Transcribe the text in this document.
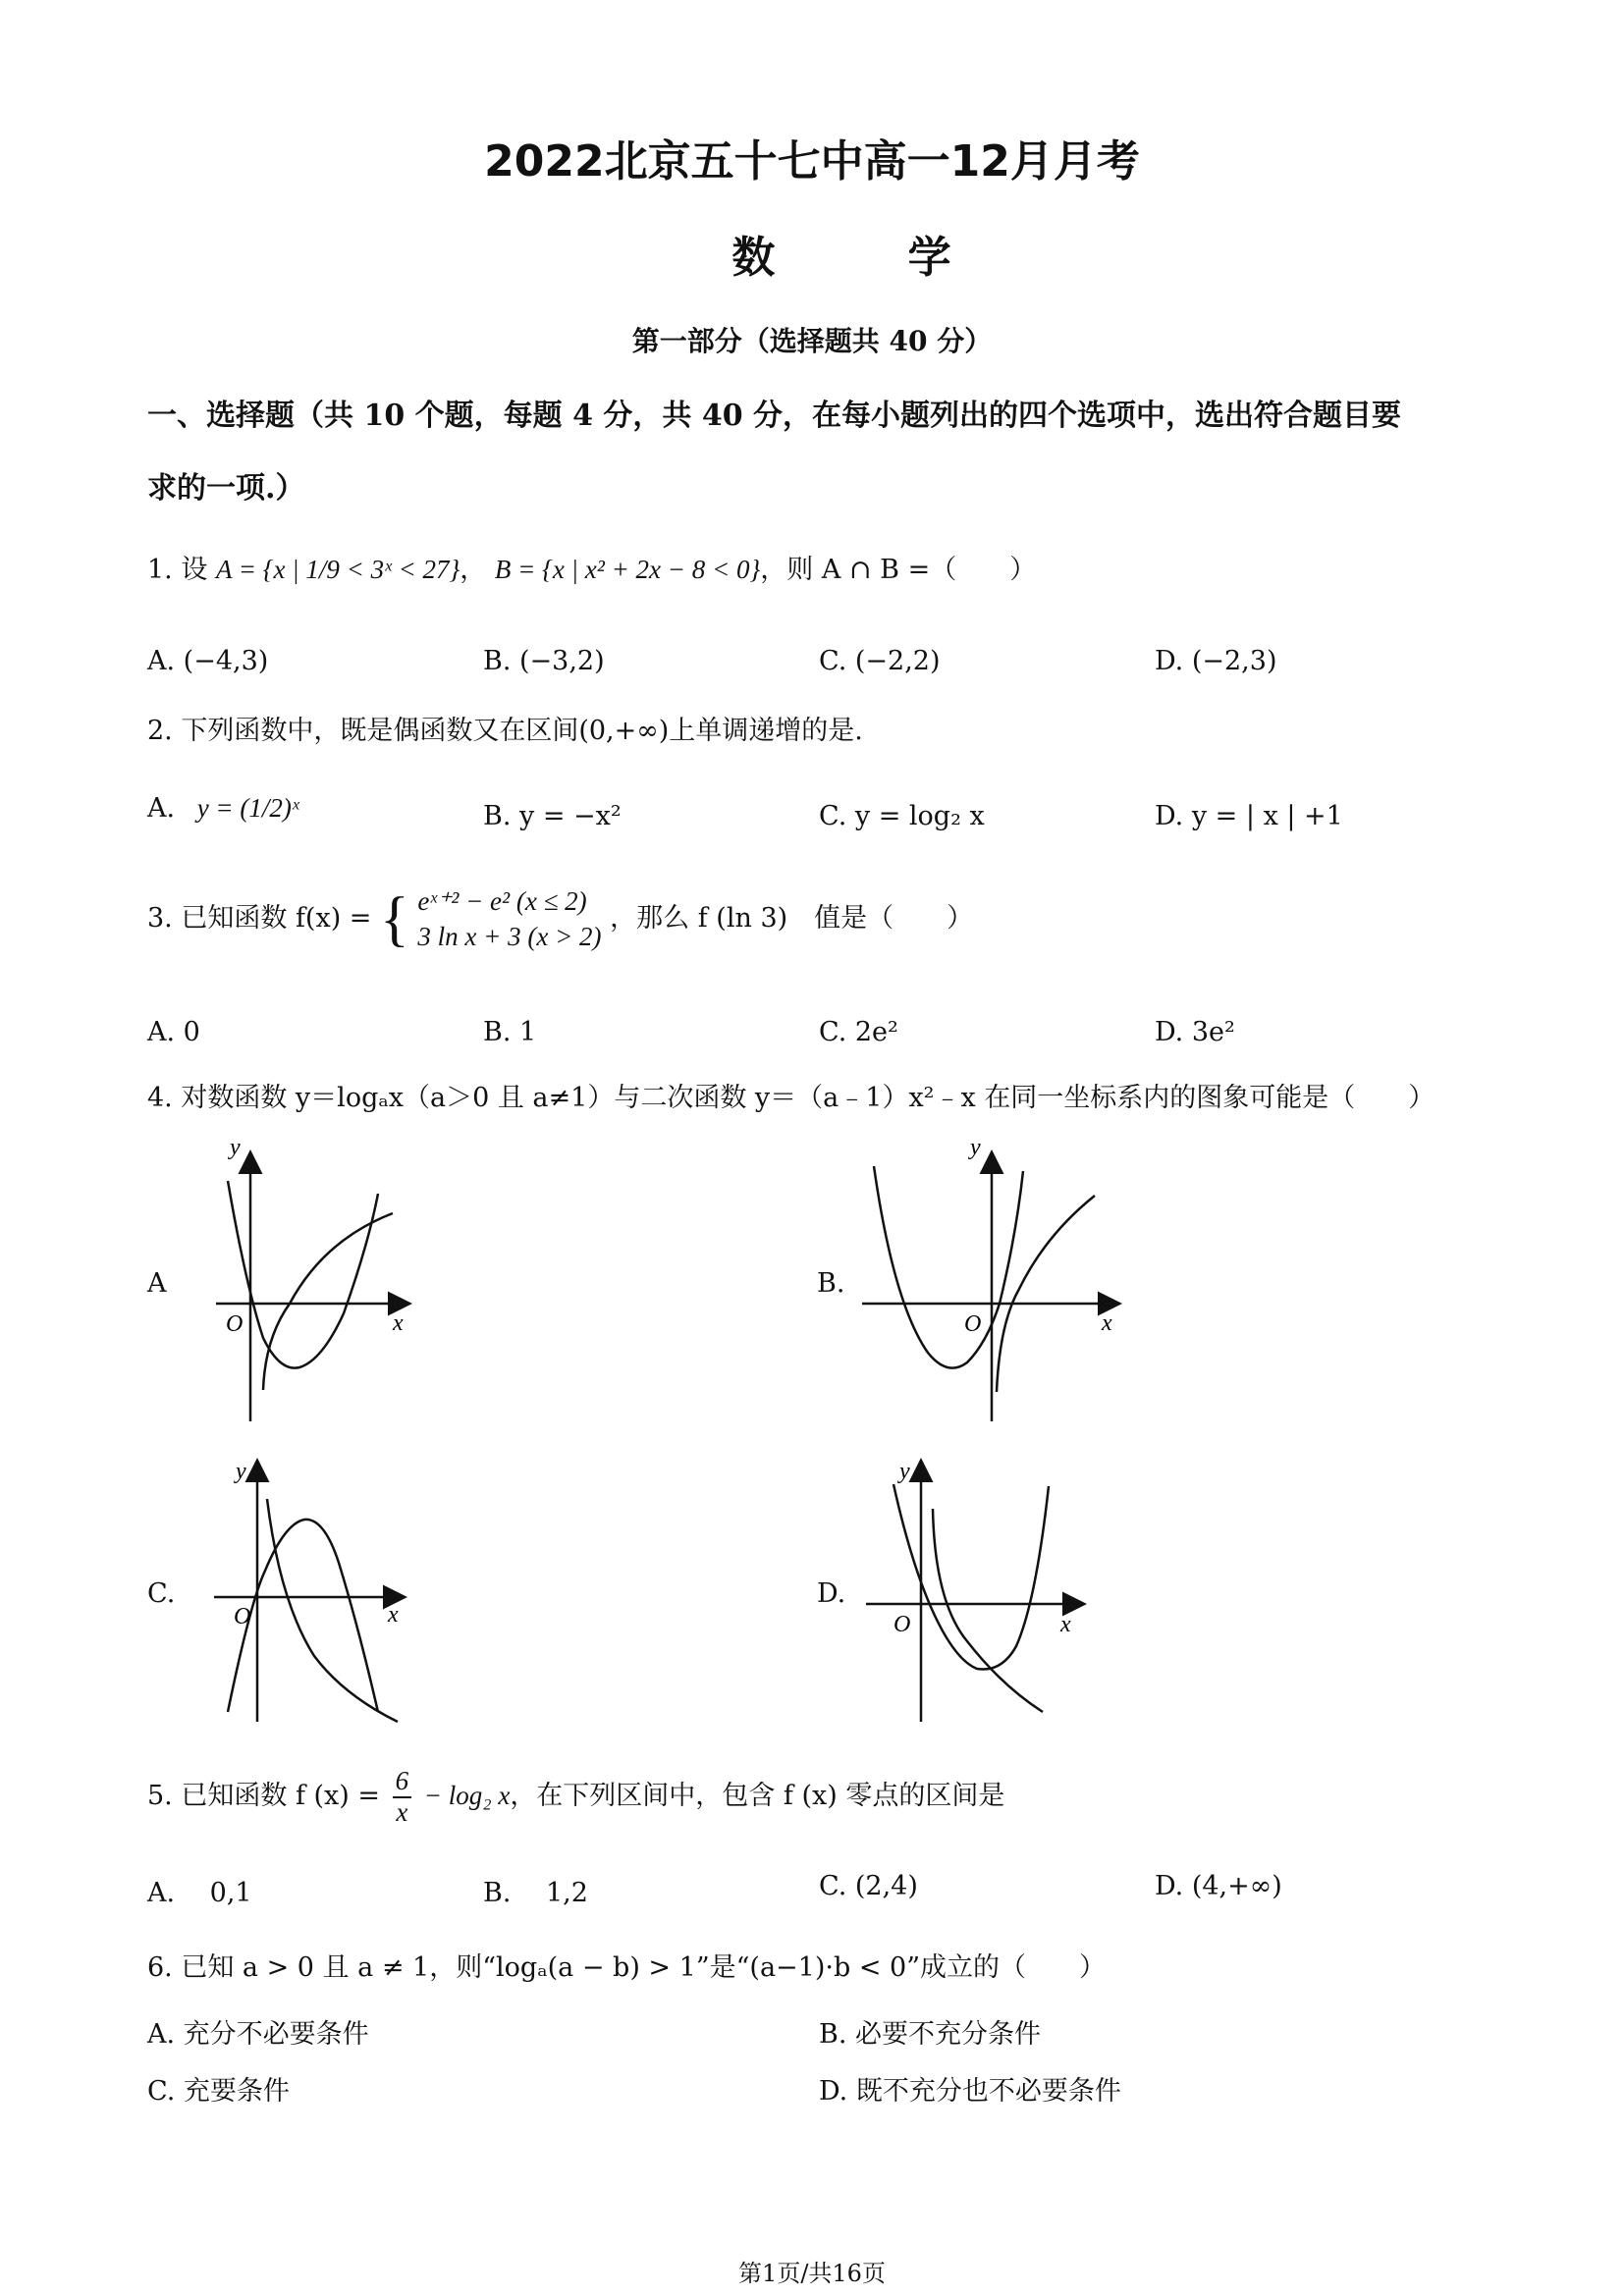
2022北京五十七中高一12月月考
数 学
第一部分（选择题共 40 分）
一、选择题（共 10 个题，每题 4 分，共 40 分，在每小题列出的四个选项中，选出符合题目要
求的一项.）
1. 设 A = {x | 1/9 < 3ˣ < 27}， B = {x | x² + 2x − 8 < 0}，则 A ∩ B =（　　）
A. (−4,3)	B. (−3,2)	C. (−2,2)	D. (−2,3)
2. 下列函数中，既是偶函数又在区间(0,+∞)上单调递增的是.
A. y = (1/2)ˣ	B. y = −x²	C. y = log₂ x	D. y = | x | +1
3. 已知函数 f(x) = { eˣ⁺² − e² (x ≤ 2)
3 ln x + 3 (x > 2)
，那么 f (ln 3)　值是（　　）
A. 0	B. 1	C. 2e²	D. 3e²
4. 对数函数 y＝logₐx（a＞0 且 a≠1）与二次函数 y＝（a﹣1）x²﹣x 在同一坐标系内的图象可能是（　　）
A	B.
C.	D.
y
x
O
y
x
O
y
x
O
y
x
O
5. 已知函数 f $(x) = \frac{6}{x} - \log_2$ x，在下列区间中，包含 f (x) 零点的区间是
A. 　0,1	B. 　1,2	C. (2,4)	D. (4,+∞)
6. 已知 a > 0 且 a ≠ 1，则“logₐ(a − b) > 1”是“(a−1)·b < 0”成立的（　　）
A. 充分不必要条件	B. 必要不充分条件
C. 充要条件	D. 既不充分也不必要条件
第1页/共16页
